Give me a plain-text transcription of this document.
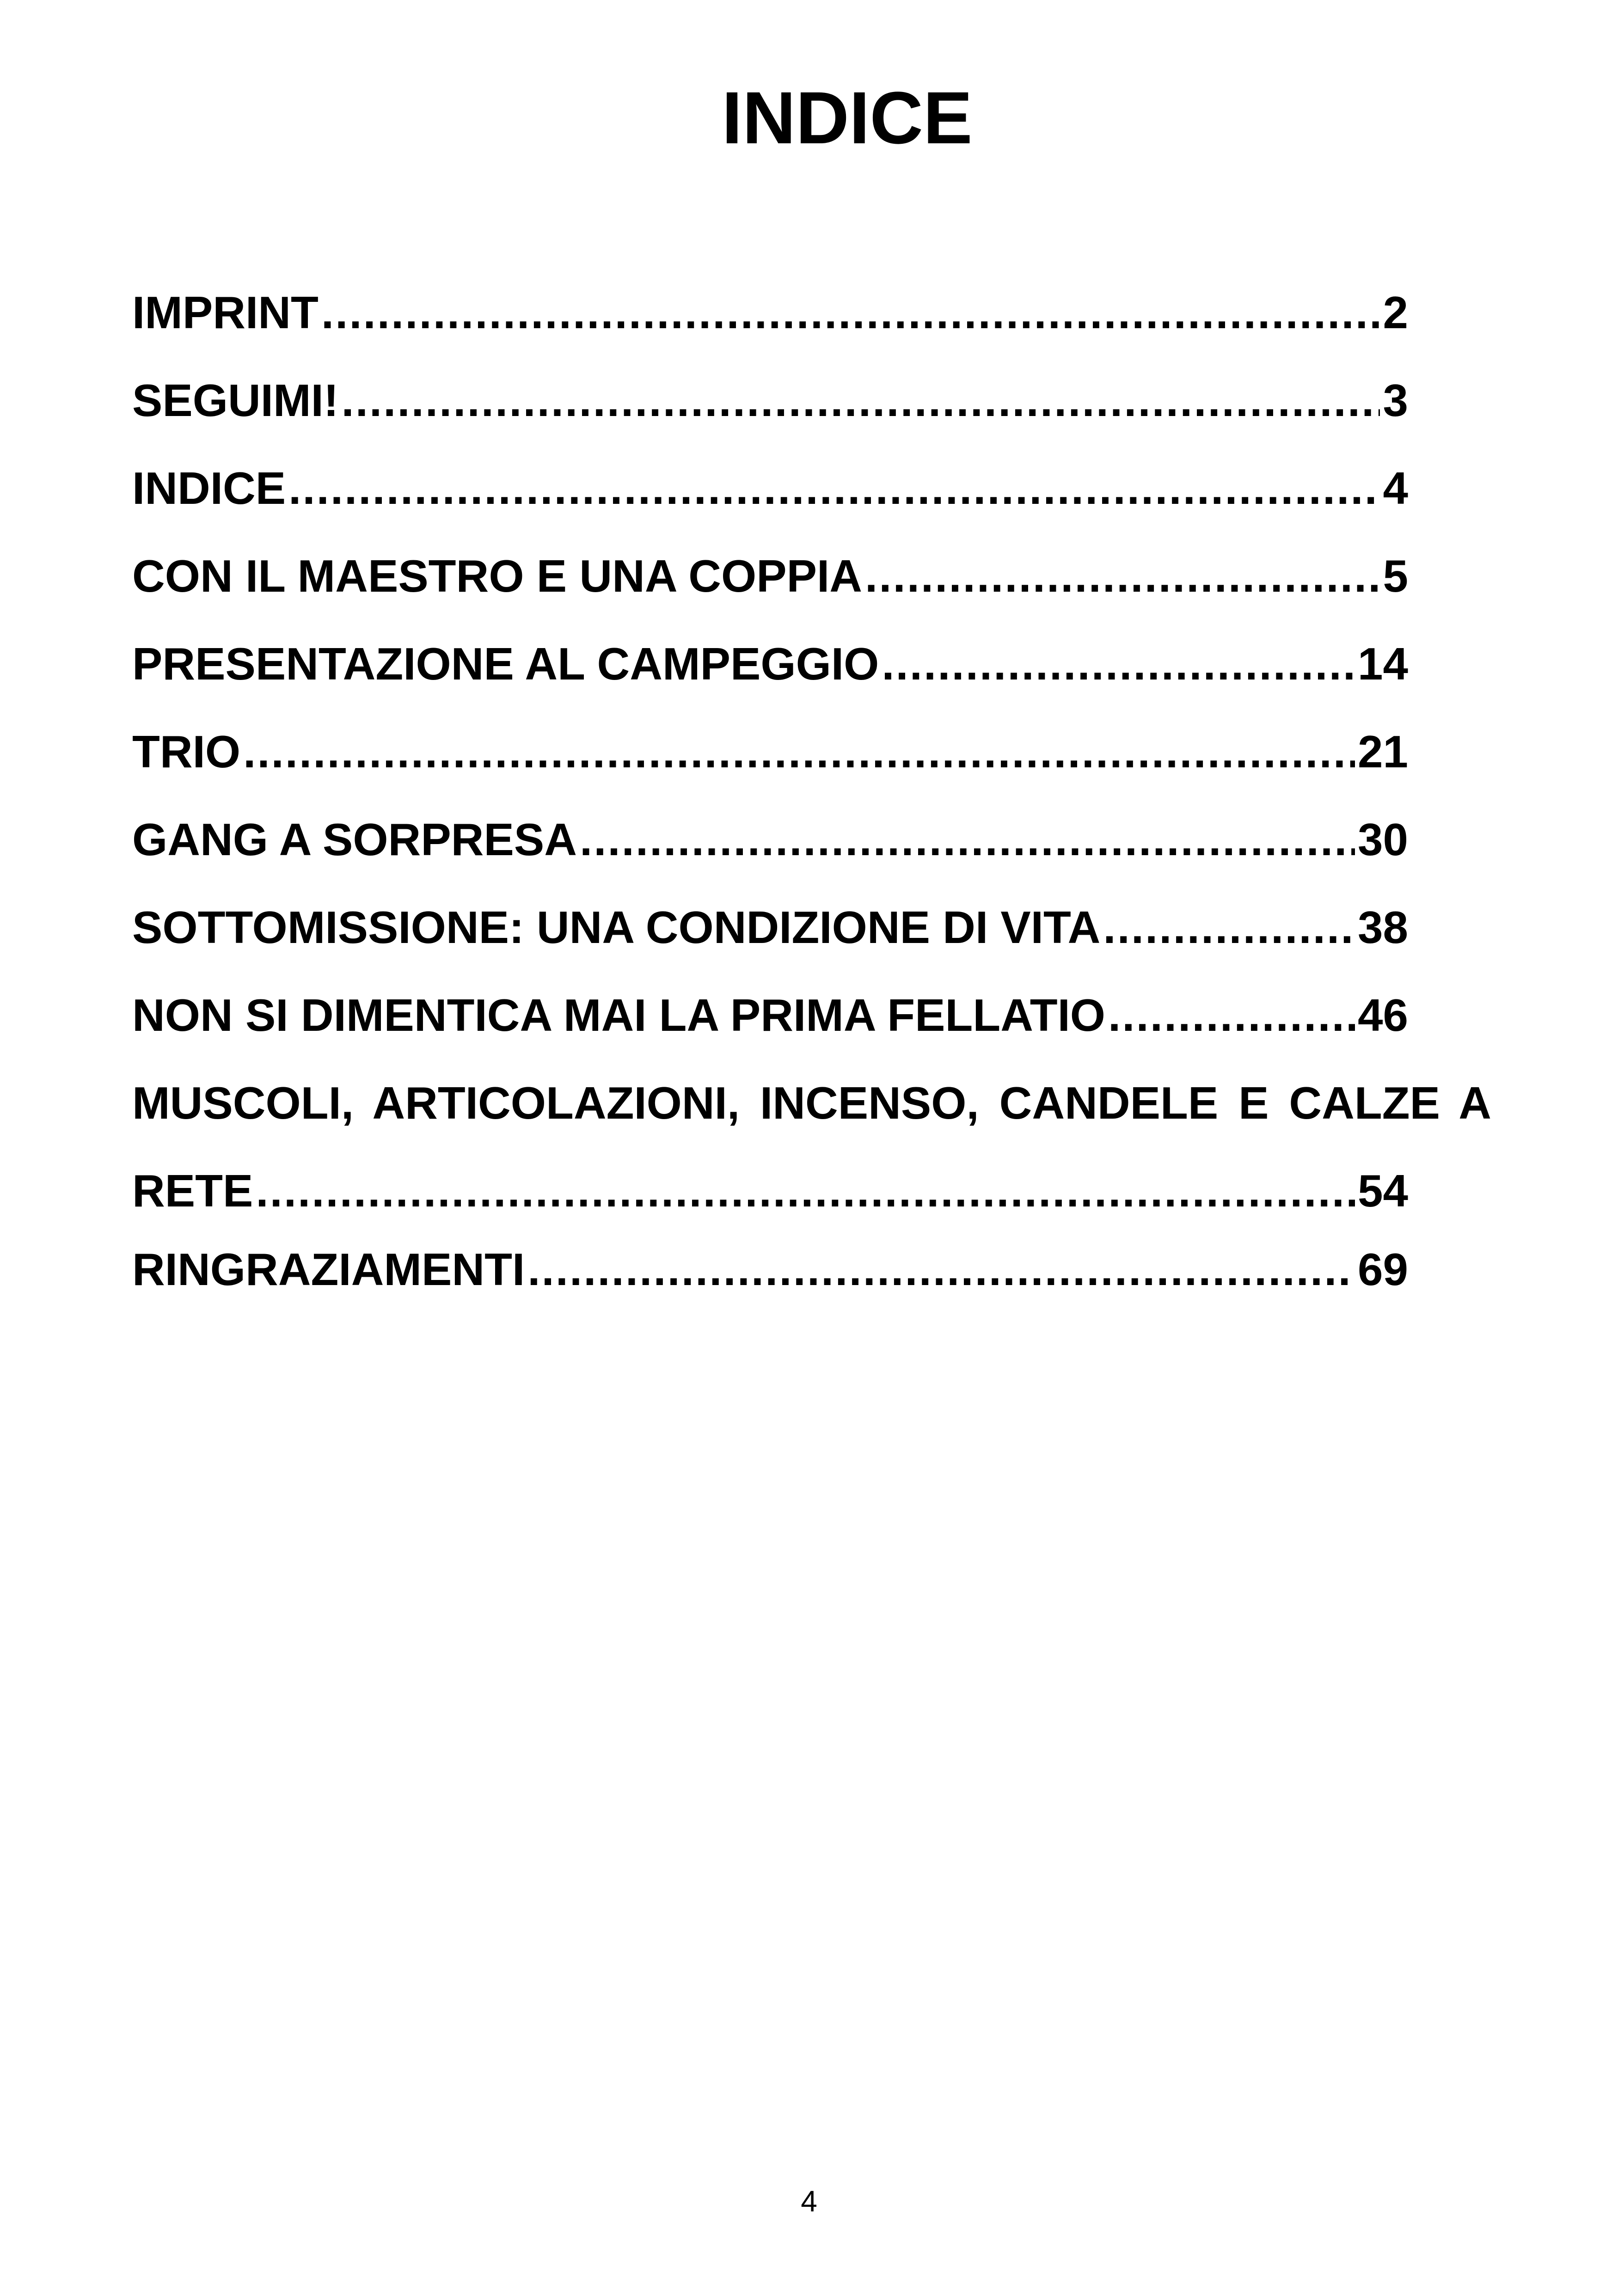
INDICE
IMPRINT .....	2
SEGUIMI! .....	3
INDICE .....	4
CON IL MAESTRO E UNA COPPIA .....	5
PRESENTAZIONE AL CAMPEGGIO .....	14
TRIO .....	21
GANG A SORPRESA .....	30
SOTTOMISSIONE: UNA CONDIZIONE DI VITA .....	38
NON SI DIMENTICA MAI LA PRIMA FELLATIO .....	46
MUSCOLI, ARTICOLAZIONI, INCENSO, CANDELE E CALZE A
RETE .....	54
RINGRAZIAMENTI .....	69
4
